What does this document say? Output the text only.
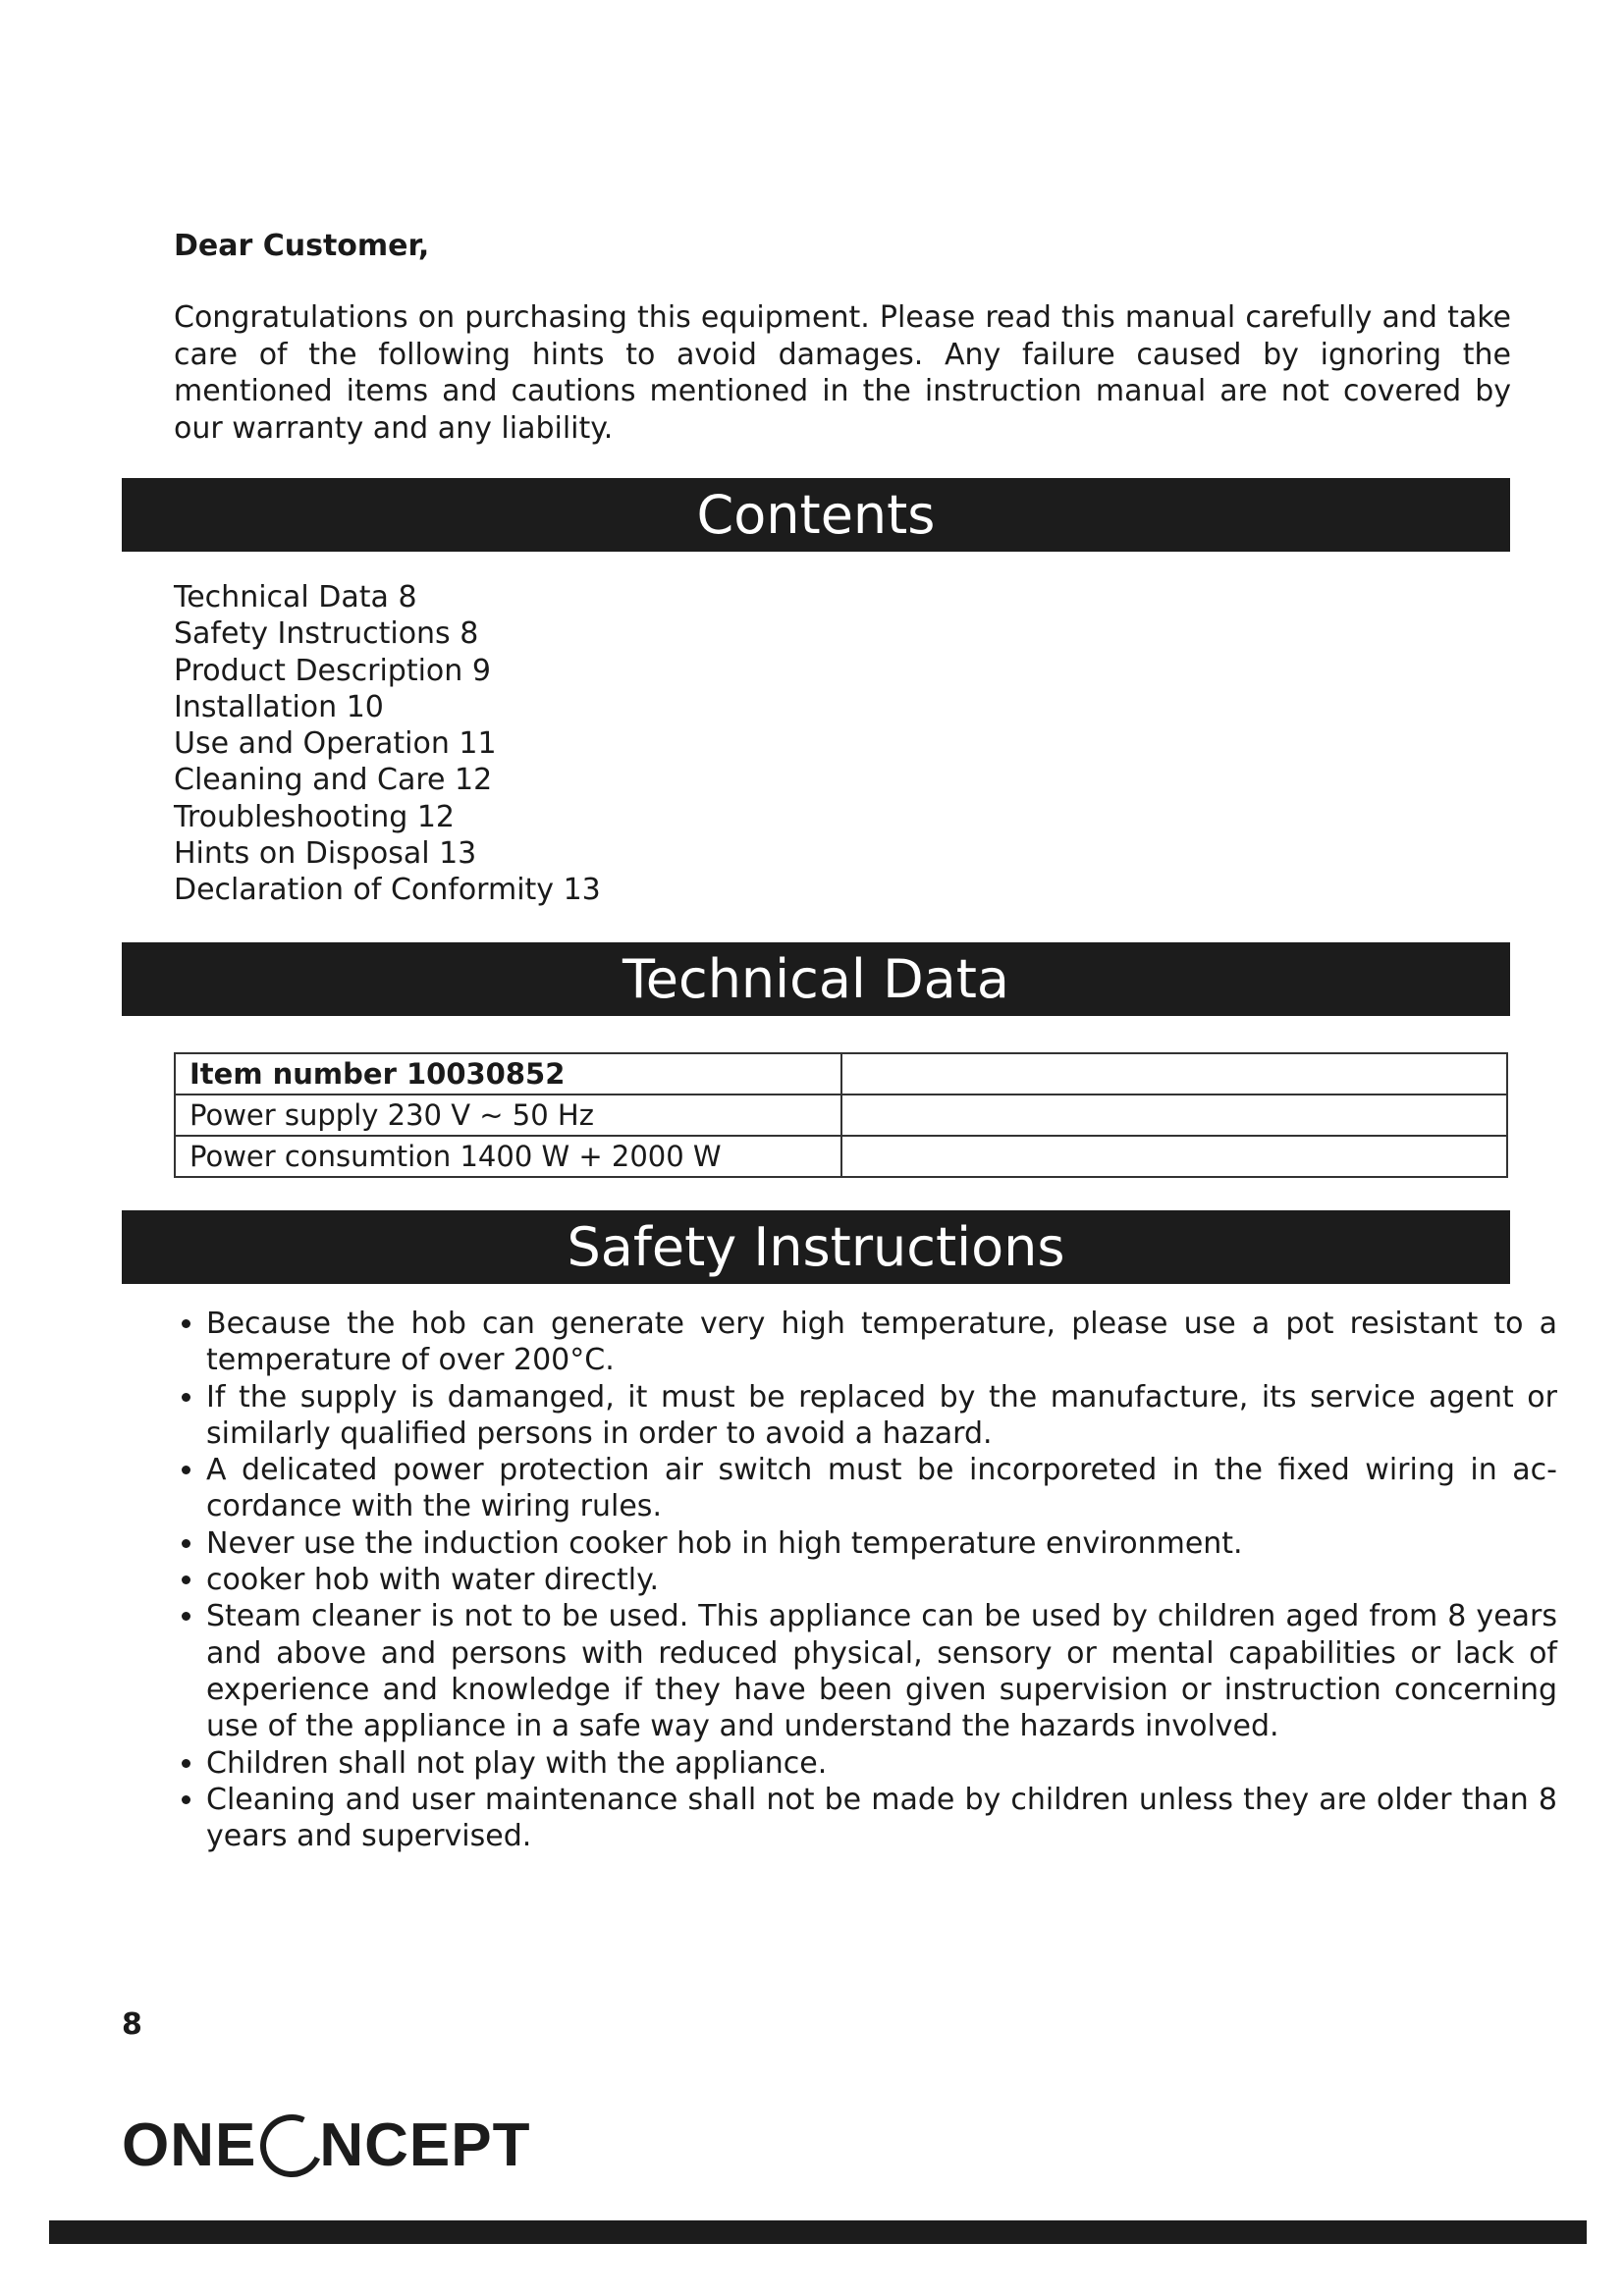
Dear Customer,

Congratulations on purchasing this equipment. Please read this manual carefully and take care of the following hints to avoid damages. Any failure caused by ignoring the mentioned items and cautions mentioned in the instruction manual are not covered by our warranty and any liability.

Contents
Technical Data 8
Safety Instructions 8
Product Description 9
Installation 10
Use and Operation 11
Cleaning and Care 12
Troubleshooting 12
Hints on Disposal 13
Declaration of Conformity 13
Technical Data
Item number 10030852	
Power supply 230 V ~ 50 Hz	
Power consumtion 1400 W + 2000 W	
Safety Instructions
• Because the hob can generate very high temperature, please use a pot resistant to a temperature of over 200°C.
• If the supply is damanged, it must be replaced by the manufacture, its service agent or similarly qualified persons in order to avoid a hazard.
• A delicated power protection air switch must be incorporeted in the fixed wiring in ac-cordance with the wiring rules.
• Never use the induction cooker hob in high temperature environment.
• cooker hob with water directly.
• Steam cleaner is not to be used. This appliance can be used by children aged from 8 years and above and persons with reduced physical, sensory or mental capabilities or lack of experience and knowledge if they have been given supervision or instruction concerning use of the appliance in a safe way and understand the hazards involved.
• Children shall not play with the appliance.
• Cleaning and user maintenance shall not be made by children unless they are older than 8 years and supervised.

8

ONE NCEPT
